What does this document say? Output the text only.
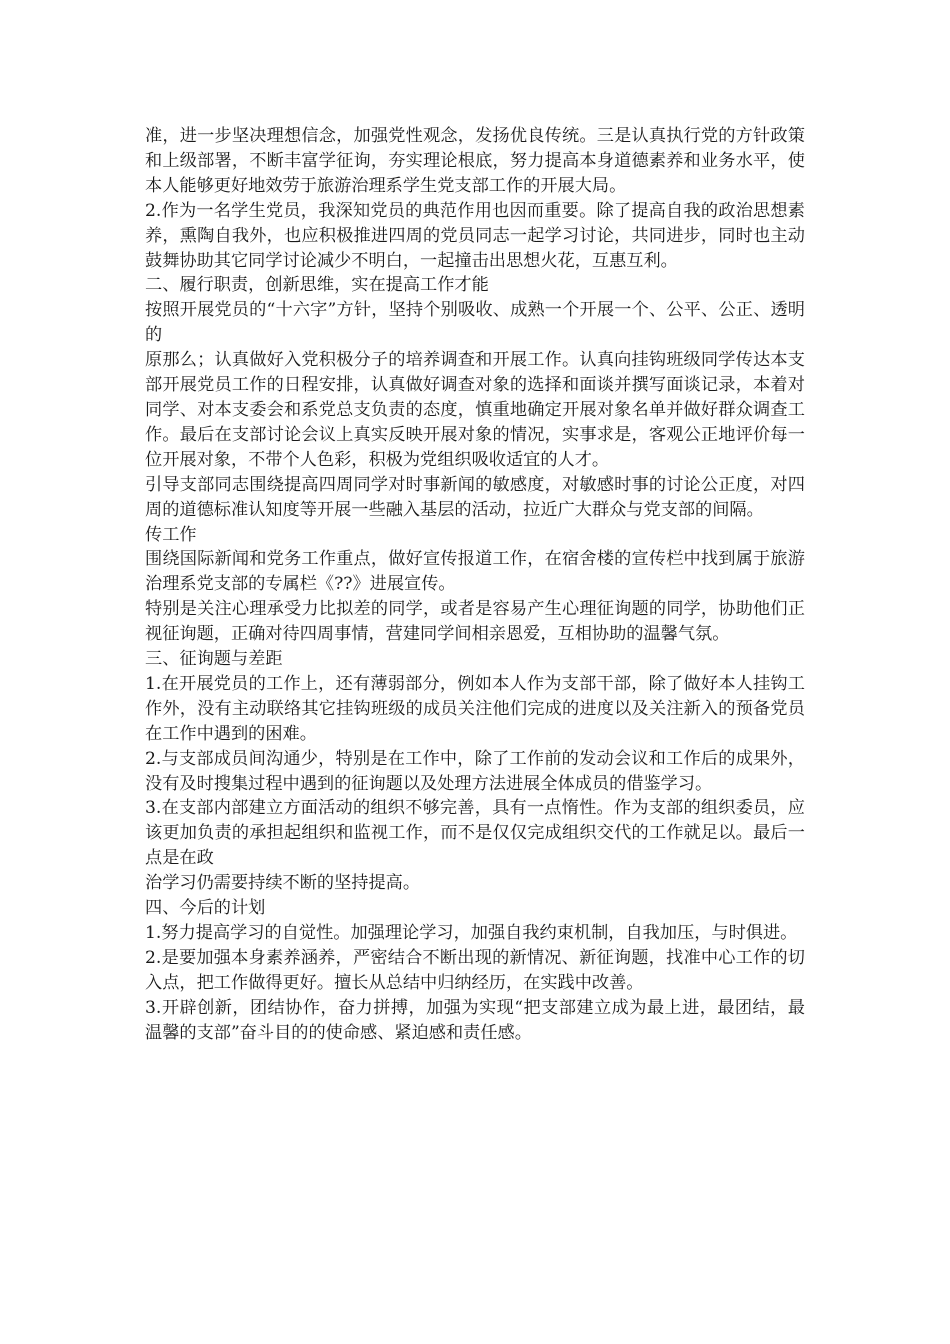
准，进一步坚决理想信念，加强党性观念，发扬优良传统。三是认真执行党的方针政策和上级部署，不断丰富学征询，夯实理论根底，努力提高本身道德素养和业务水平，使本人能够更好地效劳于旅游治理系学生党支部工作的开展大局。

2.作为一名学生党员，我深知党员的典范作用也因而重要。除了提高自我的政治思想素养，熏陶自我外，也应积极推进四周的党员同志一起学习讨论，共同进步，同时也主动鼓舞协助其它同学讨论减少不明白，一起撞击出思想火花，互惠互利。

二、履行职责，创新思维，实在提高工作才能

按照开展党员的“十六字”方针，坚持个别吸收、成熟一个开展一个、公平、公正、透明的

原那么；认真做好入党积极分子的培养调查和开展工作。认真向挂钩班级同学传达本支部开展党员工作的日程安排，认真做好调查对象的选择和面谈并撰写面谈记录，本着对同学、对本支委会和系党总支负责的态度，慎重地确定开展对象名单并做好群众调查工作。最后在支部讨论会议上真实反映开展对象的情况，实事求是，客观公正地评价每一位开展对象，不带个人色彩，积极为党组织吸收适宜的人才。

引导支部同志围绕提高四周同学对时事新闻的敏感度，对敏感时事的讨论公正度，对四周的道德标准认知度等开展一些融入基层的活动，拉近广大群众与党支部的间隔。

传工作

围绕国际新闻和党务工作重点，做好宣传报道工作，在宿舍楼的宣传栏中找到属于旅游治理系党支部的专属栏《??》进展宣传。

特别是关注心理承受力比拟差的同学，或者是容易产生心理征询题的同学，协助他们正视征询题，正确对待四周事情，营建同学间相亲恩爱，互相协助的温馨气氛。

三、征询题与差距

1.在开展党员的工作上，还有薄弱部分，例如本人作为支部干部，除了做好本人挂钩工作外，没有主动联络其它挂钩班级的成员关注他们完成的进度以及关注新入的预备党员在工作中遇到的困难。

2.与支部成员间沟通少，特别是在工作中，除了工作前的发动会议和工作后的成果外，没有及时搜集过程中遇到的征询题以及处理方法进展全体成员的借鉴学习。

3.在支部内部建立方面活动的组织不够完善，具有一点惰性。作为支部的组织委员，应该更加负责的承担起组织和监视工作，而不是仅仅完成组织交代的工作就足以。最后一点是在政

治学习仍需要持续不断的坚持提高。

四、今后的计划

1.努力提高学习的自觉性。加强理论学习，加强自我约束机制，自我加压，与时俱进。

2.是要加强本身素养涵养，严密结合不断出现的新情况、新征询题，找准中心工作的切入点，把工作做得更好。擅长从总结中归纳经历，在实践中改善。

3.开辟创新，团结协作，奋力拼搏，加强为实现“把支部建立成为最上进，最团结，最温馨的支部”奋斗目的的使命感、紧迫感和责任感。
